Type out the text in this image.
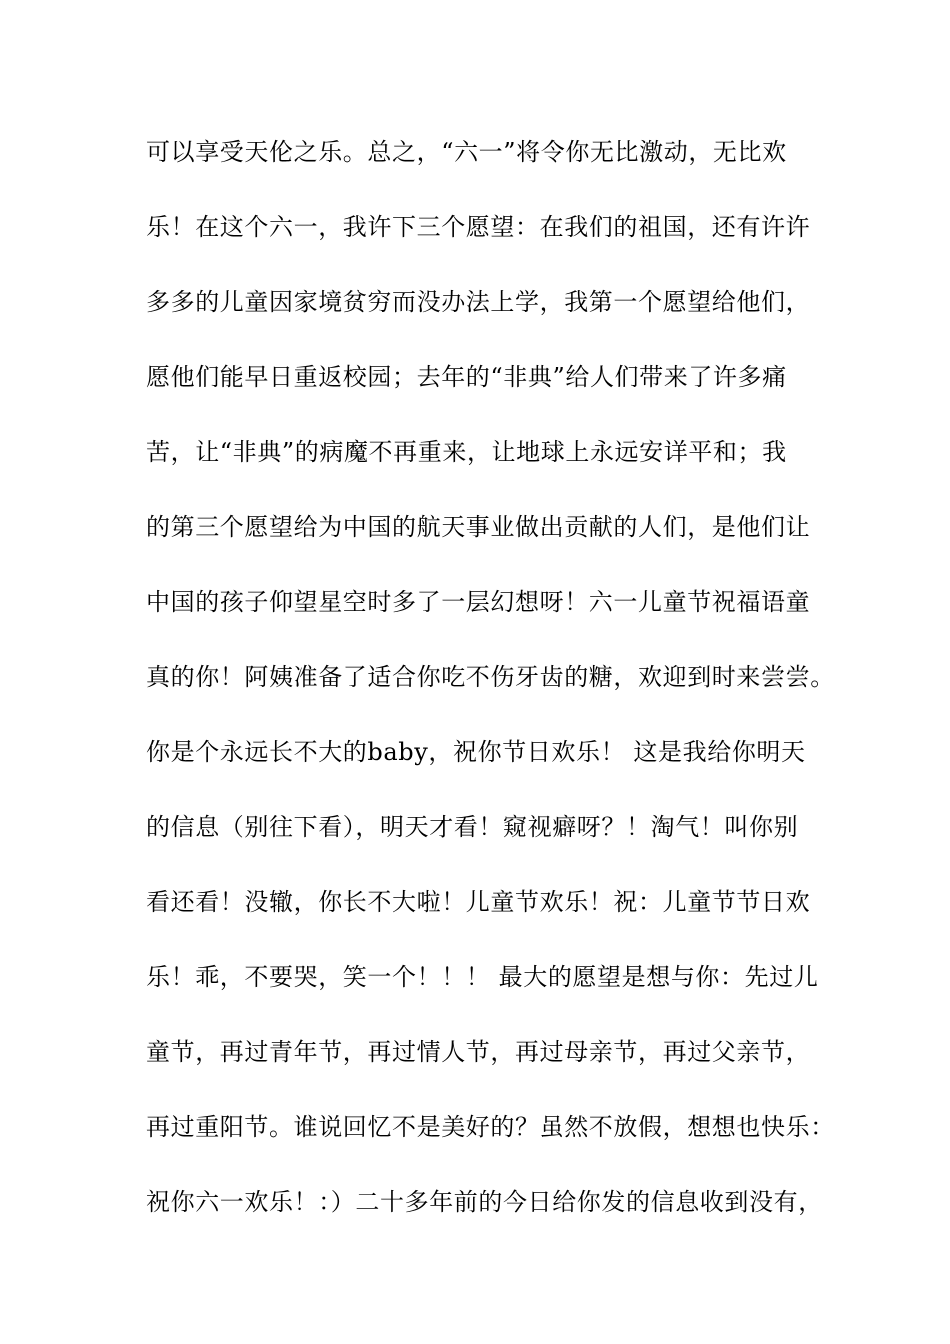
可以享受天伦之乐。总之，“六一”将令你无比激动，无比欢
乐！在这个六一，我许下三个愿望：在我们的祖国，还有许许
多多的儿童因家境贫穷而没办法上学，我第一个愿望给他们，
愿他们能早日重返校园；去年的“非典”给人们带来了许多痛
苦，让“非典”的病魔不再重来，让地球上永远安详平和；我
的第三个愿望给为中国的航天事业做出贡献的人们，是他们让
中国的孩子仰望星空时多了一层幻想呀！六一儿童节祝福语童
真的你！阿姨准备了适合你吃不伤牙齿的糖，欢迎到时来尝尝。
你是个永远长不大的baby，祝你节日欢乐！ 这是我给你明天
的信息（别往下看），明天才看！窥视癖呀？！淘气！叫你别
看还看！没辙，你长不大啦！儿童节欢乐！祝：儿童节节日欢
乐！乖，不要哭，笑一个！！！ 最大的愿望是想与你：先过儿
童节，再过青年节，再过情人节，再过母亲节，再过父亲节，
再过重阳节。谁说回忆不是美好的？虽然不放假，想想也快乐：
祝你六一欢乐！：）二十多年前的今日给你发的信息收到没有，
